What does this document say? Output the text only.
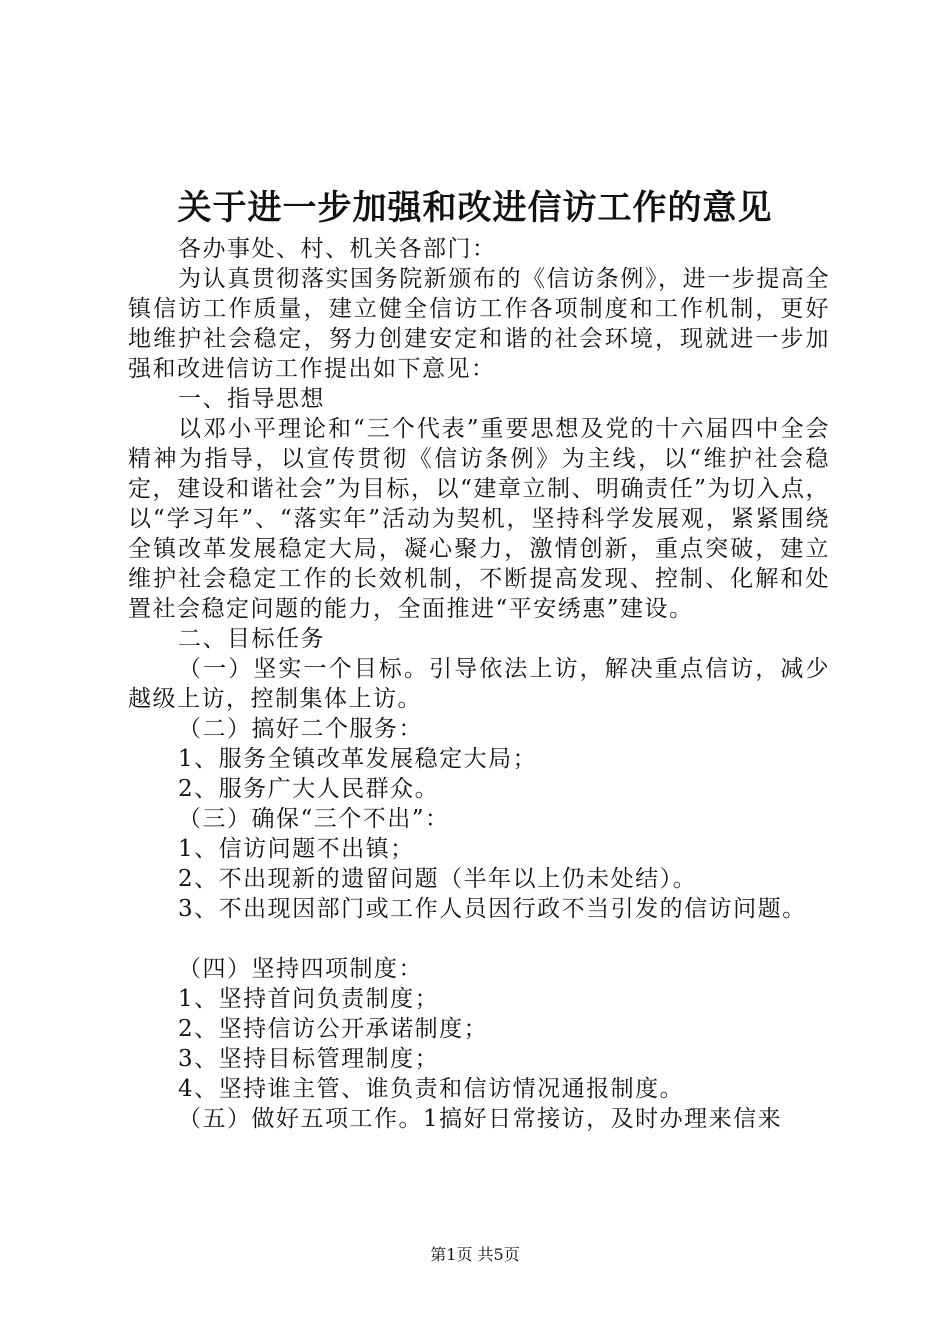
关于进一步加强和改进信访工作的意见

各办事处、村、机关各部门：

为认真贯彻落实国务院新颁布的《信访条例》，进一步提高全镇信访工作质量，建立健全信访工作各项制度和工作机制，更好地维护社会稳定，努力创建安定和谐的社会环境，现就进一步加强和改进信访工作提出如下意见：

一、指导思想

以邓小平理论和“三个代表”重要思想及党的十六届四中全会精神为指导，以宣传贯彻《信访条例》为主线，以“维护社会稳定，建设和谐社会”为目标，以“建章立制、明确责任”为切入点，以“学习年”、“落实年”活动为契机，坚持科学发展观，紧紧围绕全镇改革发展稳定大局，凝心聚力，激情创新，重点突破，建立维护社会稳定工作的长效机制，不断提高发现、控制、化解和处置社会稳定问题的能力，全面推进“平安绣惠”建设。

二、目标任务

（一）坚实一个目标。引导依法上访，解决重点信访，减少越级上访，控制集体上访。

（二）搞好二个服务：

1、服务全镇改革发展稳定大局；

2、服务广大人民群众。

（三）确保“三个不出”：

1、信访问题不出镇；

2、不出现新的遗留问题（半年以上仍未处结）。

3、不出现因部门或工作人员因行政不当引发的信访问题。

（四）坚持四项制度：

1、坚持首问负责制度；

2、坚持信访公开承诺制度；

3、坚持目标管理制度；

4、坚持谁主管、谁负责和信访情况通报制度。

（五）做好五项工作。1搞好日常接访，及时办理来信来

第1页 共5页
